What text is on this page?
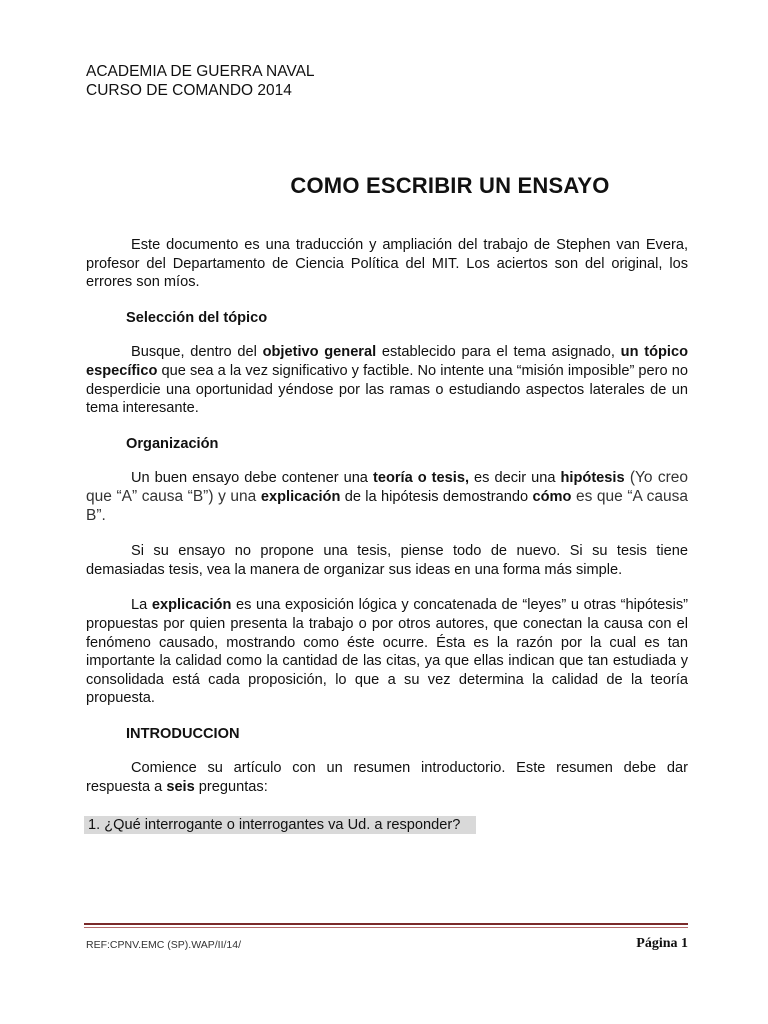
ACADEMIA DE GUERRA NAVAL
CURSO DE COMANDO 2014
COMO ESCRIBIR UN ENSAYO

Este documento es una traducción y ampliación del trabajo de Stephen van Evera, profesor del Departamento de Ciencia Política del MIT. Los aciertos son del original, los errores son míos.

Selección del tópico

Busque, dentro del objetivo general establecido para el tema asignado, un tópico específico que sea a la vez significativo y factible. No intente una “misión imposible” pero no desperdicie una oportunidad yéndose por las ramas o estudiando aspectos laterales de un tema interesante.

Organización

Un buen ensayo debe contener una teoría o tesis, es decir una hipótesis (Yo creo que “A” causa “B”) y una explicación de la hipótesis demostrando cómo es que “A causa B”.

Si su ensayo no propone una tesis, piense todo de nuevo. Si su tesis tiene demasiadas tesis, vea la manera de organizar sus ideas en una forma más simple.

La explicación es una exposición lógica y concatenada de “leyes” u otras “hipótesis” propuestas por quien presenta la trabajo o por otros autores, que conectan la causa con el fenómeno causado, mostrando como éste ocurre. Ésta es la razón por la cual es tan importante la calidad como la cantidad de las citas, ya que ellas indican que tan estudiada y consolidada está cada proposición, lo que a su vez determina la calidad de la teoría propuesta.

INTRODUCCION

Comience su artículo con un resumen introductorio. Este resumen debe dar respuesta a seis preguntas:

1. ¿Qué interrogante o interrogantes va Ud. a responder?
REF:CPNV.EMC (SP).WAP/II/14/	Página 1
